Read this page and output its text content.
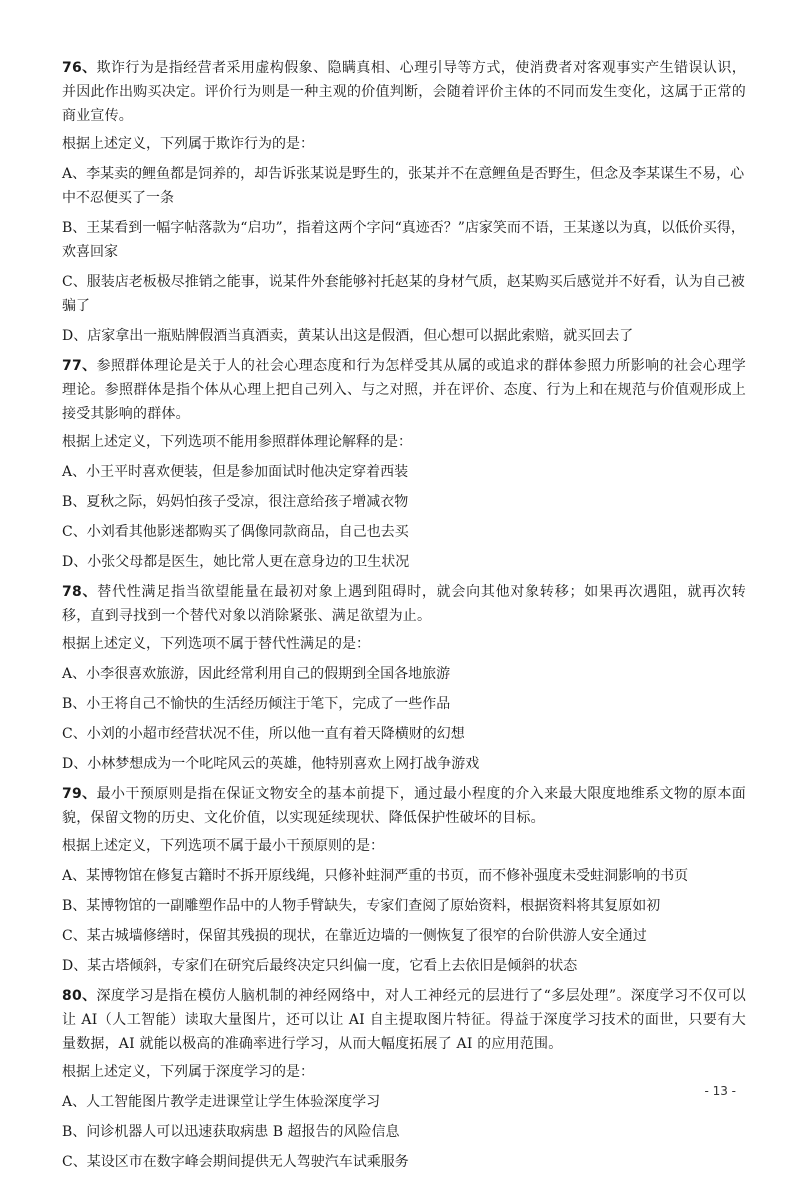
76、欺诈行为是指经营者采用虚构假象、隐瞒真相、心理引导等方式，使消费者对客观事实产生错误认识，并因此作出购买决定。评价行为则是一种主观的价值判断，会随着评价主体的不同而发生变化，这属于正常的商业宣传。

根据上述定义，下列属于欺诈行为的是：

A、李某卖的鲤鱼都是饲养的，却告诉张某说是野生的，张某并不在意鲤鱼是否野生，但念及李某谋生不易，心中不忍便买了一条

B、王某看到一幅字帖落款为“启功”，指着这两个字问“真迹否？”店家笑而不语，王某遂以为真，以低价买得，欢喜回家

C、服装店老板极尽推销之能事，说某件外套能够衬托赵某的身材气质，赵某购买后感觉并不好看，认为自己被骗了

D、店家拿出一瓶贴牌假酒当真酒卖，黄某认出这是假酒，但心想可以据此索赔，就买回去了

77、参照群体理论是关于人的社会心理态度和行为怎样受其从属的或追求的群体参照力所影响的社会心理学理论。参照群体是指个体从心理上把自己列入、与之对照，并在评价、态度、行为上和在规范与价值观形成上接受其影响的群体。

根据上述定义，下列选项不能用参照群体理论解释的是：

A、小王平时喜欢便装，但是参加面试时他决定穿着西装

B、夏秋之际，妈妈怕孩子受凉，很注意给孩子增减衣物

C、小刘看其他影迷都购买了偶像同款商品，自己也去买

D、小张父母都是医生，她比常人更在意身边的卫生状况

78、替代性满足指当欲望能量在最初对象上遇到阻碍时，就会向其他对象转移；如果再次遇阻，就再次转移，直到寻找到一个替代对象以消除紧张、满足欲望为止。

根据上述定义，下列选项不属于替代性满足的是：

A、小李很喜欢旅游，因此经常利用自己的假期到全国各地旅游

B、小王将自己不愉快的生活经历倾注于笔下，完成了一些作品

C、小刘的小超市经营状况不佳，所以他一直有着天降横财的幻想

D、小林梦想成为一个叱咤风云的英雄，他特别喜欢上网打战争游戏

79、最小干预原则是指在保证文物安全的基本前提下，通过最小程度的介入来最大限度地维系文物的原本面貌，保留文物的历史、文化价值，以实现延续现状、降低保护性破坏的目标。

根据上述定义，下列选项不属于最小干预原则的是：

A、某博物馆在修复古籍时不拆开原线绳，只修补蛀洞严重的书页，而不修补强度未受蛀洞影响的书页

B、某博物馆的一副雕塑作品中的人物手臂缺失，专家们查阅了原始资料，根据资料将其复原如初

C、某古城墙修缮时，保留其残损的现状，在靠近边墙的一侧恢复了很窄的台阶供游人安全通过

D、某古塔倾斜，专家们在研究后最终决定只纠偏一度，它看上去依旧是倾斜的状态

80、深度学习是指在模仿人脑机制的神经网络中，对人工神经元的层进行了“多层处理”。深度学习不仅可以让 AI（人工智能）读取大量图片，还可以让 AI 自主提取图片特征。得益于深度学习技术的面世，只要有大量数据，AI 就能以极高的准确率进行学习，从而大幅度拓展了 AI 的应用范围。

根据上述定义，下列属于深度学习的是：

A、人工智能图片教学走进课堂让学生体验深度学习

B、问诊机器人可以迅速获取病患 B 超报告的风险信息

C、某设区市在数字峰会期间提供无人驾驶汽车试乘服务

- 13 -
